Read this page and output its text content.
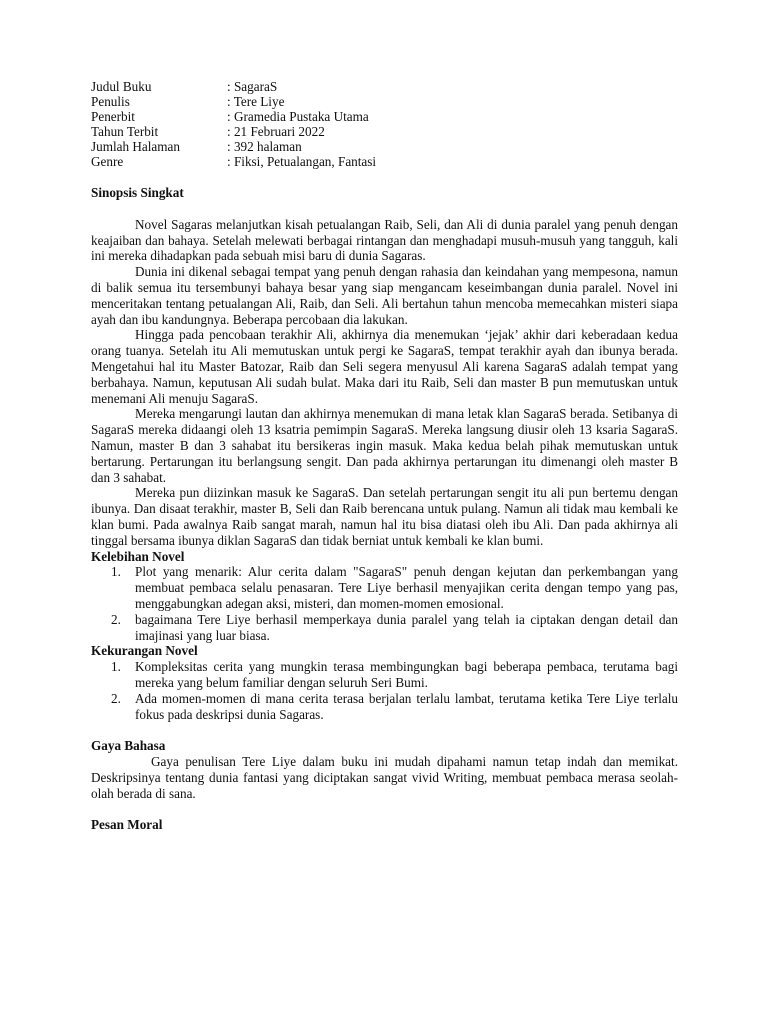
Judul Buku	: SagaraS
Penulis	: Tere Liye
Penerbit	: Gramedia Pustaka Utama
Tahun Terbit	: 21 Februari 2022
Jumlah Halaman	: 392 halaman
Genre	: Fiksi, Petualangan, Fantasi

Sinopsis Singkat

Novel Sagaras melanjutkan kisah petualangan Raib, Seli, dan Ali di dunia paralel yang penuh dengan keajaiban dan bahaya. Setelah melewati berbagai rintangan dan menghadapi musuh-musuh yang tangguh, kali ini mereka dihadapkan pada sebuah misi baru di dunia Sagaras.

Dunia ini dikenal sebagai tempat yang penuh dengan rahasia dan keindahan yang mempesona, namun di balik semua itu tersembunyi bahaya besar yang siap mengancam keseimbangan dunia paralel. Novel ini menceritakan tentang petualangan Ali, Raib, dan Seli. Ali bertahun tahun mencoba memecahkan misteri siapa ayah dan ibu kandungnya. Beberapa percobaan dia lakukan.

Hingga pada pencobaan terakhir Ali, akhirnya dia menemukan ‘jejak’ akhir dari keberadaan kedua orang tuanya. Setelah itu Ali memutuskan untuk pergi ke SagaraS, tempat terakhir ayah dan ibunya berada. Mengetahui hal itu Master Batozar, Raib dan Seli segera menyusul Ali karena SagaraS adalah tempat yang berbahaya. Namun, keputusan Ali sudah bulat. Maka dari itu Raib, Seli dan master B pun memutuskan untuk menemani Ali menuju SagaraS.

Mereka mengarungi lautan dan akhirnya menemukan di mana letak klan SagaraS berada. Setibanya di SagaraS mereka didaangi oleh 13 ksatria pemimpin SagaraS. Mereka langsung diusir oleh 13 ksaria SagaraS. Namun, master B dan 3 sahabat itu bersikeras ingin masuk. Maka kedua belah pihak memutuskan untuk bertarung. Pertarungan itu berlangsung sengit. Dan pada akhirnya pertarungan itu dimenangi oleh master B dan 3 sahabat.

Mereka pun diizinkan masuk ke SagaraS. Dan setelah pertarungan sengit itu ali pun bertemu dengan ibunya. Dan disaat terakhir, master B, Seli dan Raib berencana untuk pulang. Namun ali tidak mau kembali ke klan bumi. Pada awalnya Raib sangat marah, namun hal itu bisa diatasi oleh ibu Ali. Dan pada akhirnya ali tinggal bersama ibunya diklan SagaraS dan tidak berniat untuk kembali ke klan bumi.

Kelebihan Novel

1.	Plot yang menarik: Alur cerita dalam "SagaraS" penuh dengan kejutan dan perkembangan yang membuat pembaca selalu penasaran. Tere Liye berhasil menyajikan cerita dengan tempo yang pas, menggabungkan adegan aksi, misteri, dan momen-momen emosional.
2.	bagaimana Tere Liye berhasil memperkaya dunia paralel yang telah ia ciptakan dengan detail dan imajinasi yang luar biasa.

Kekurangan Novel

1.	Kompleksitas cerita yang mungkin terasa membingungkan bagi beberapa pembaca, terutama bagi mereka yang belum familiar dengan seluruh Seri Bumi.
2.	Ada momen-momen di mana cerita terasa berjalan terlalu lambat, terutama ketika Tere Liye terlalu fokus pada deskripsi dunia Sagaras.

Gaya Bahasa

Gaya penulisan Tere Liye dalam buku ini mudah dipahami namun tetap indah dan memikat. Deskripsinya tentang dunia fantasi yang diciptakan sangat vivid Writing, membuat pembaca merasa seolah-olah berada di sana.

Pesan Moral
